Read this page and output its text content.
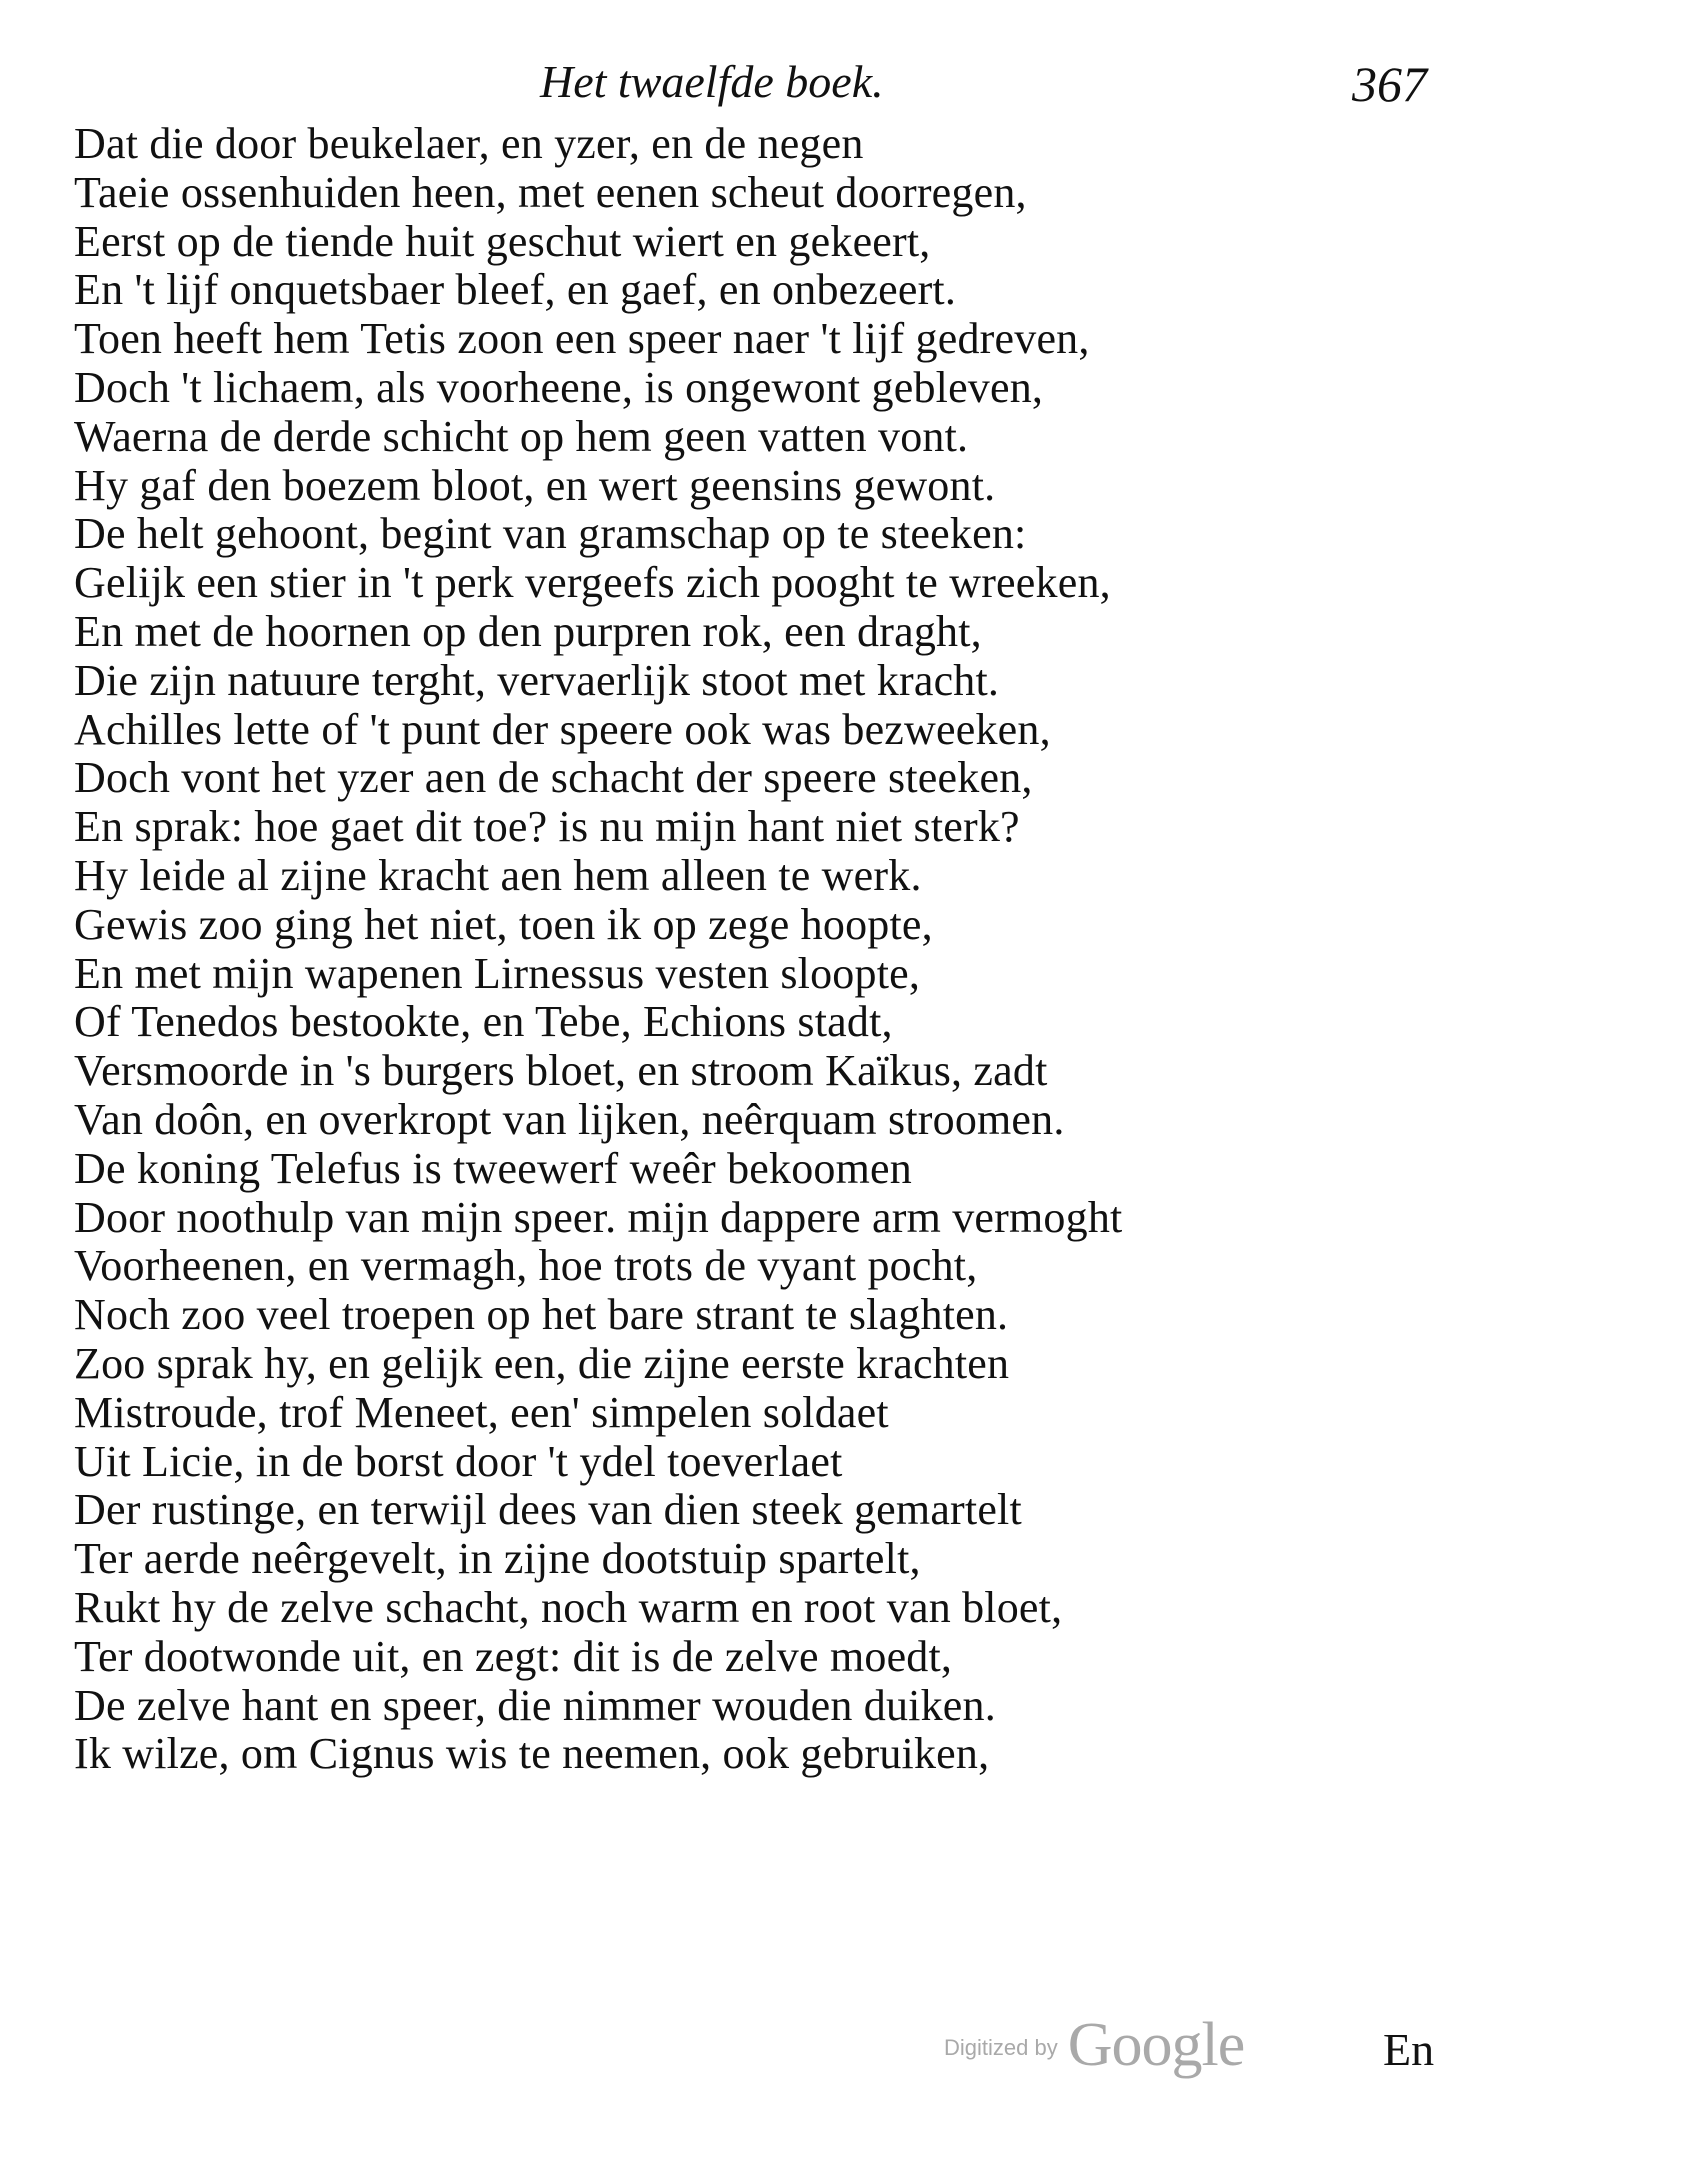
Het twaelfde boek.	367
Dat die door beukelaer, en yzer, en de negen
Taeie ossenhuiden heen, met eenen scheut doorregen,
Eerst op de tiende huit geschut wiert en gekeert,
En 't lijf onquetsbaer bleef, en gaef, en onbezeert.
Toen heeft hem Tetis zoon een speer naer 't lijf gedreven,
Doch 't lichaem, als voorheene, is ongewont gebleven,
Waerna de derde schicht op hem geen vatten vont.
Hy gaf den boezem bloot, en wert geensins gewont.
De helt gehoont, begint van gramschap op te steeken:
Gelijk een stier in 't perk vergeefs zich pooght te wreeken,
En met de hoornen op den purpren rok, een draght,
Die zijn natuure terght, vervaerlijk stoot met kracht.
Achilles lette of 't punt der speere ook was bezweeken,
Doch vont het yzer aen de schacht der speere steeken,
En sprak: hoe gaet dit toe? is nu mijn hant niet sterk?
Hy leide al zijne kracht aen hem alleen te werk.
Gewis zoo ging het niet, toen ik op zege hoopte,
En met mijn wapenen Lirnessus vesten sloopte,
Of Tenedos bestookte, en Tebe, Echions stadt,
Versmoorde in 's burgers bloet, en stroom Kaïkus, zadt
Van doôn, en overkropt van lijken, neêrquam stroomen.
De koning Telefus is tweewerf weêr bekoomen
Door noothulp van mijn speer. mijn dappere arm vermoght
Voorheenen, en vermagh, hoe trots de vyant pocht,
Noch zoo veel troepen op het bare strant te slaghten.
Zoo sprak hy, en gelijk een, die zijne eerste krachten
Mistroude, trof Meneet, een' simpelen soldaet
Uit Licie, in de borst door 't ydel toeverlaet
Der rustinge, en terwijl dees van dien steek gemartelt
Ter aerde neêrgevelt, in zijne dootstuip spartelt,
Rukt hy de zelve schacht, noch warm en root van bloet,
Ter dootwonde uit, en zegt: dit is de zelve moedt,
De zelve hant en speer, die nimmer wouden duiken.
Ik wilze, om Cignus wis te neemen, ook gebruiken,
Digitized by Google	En
